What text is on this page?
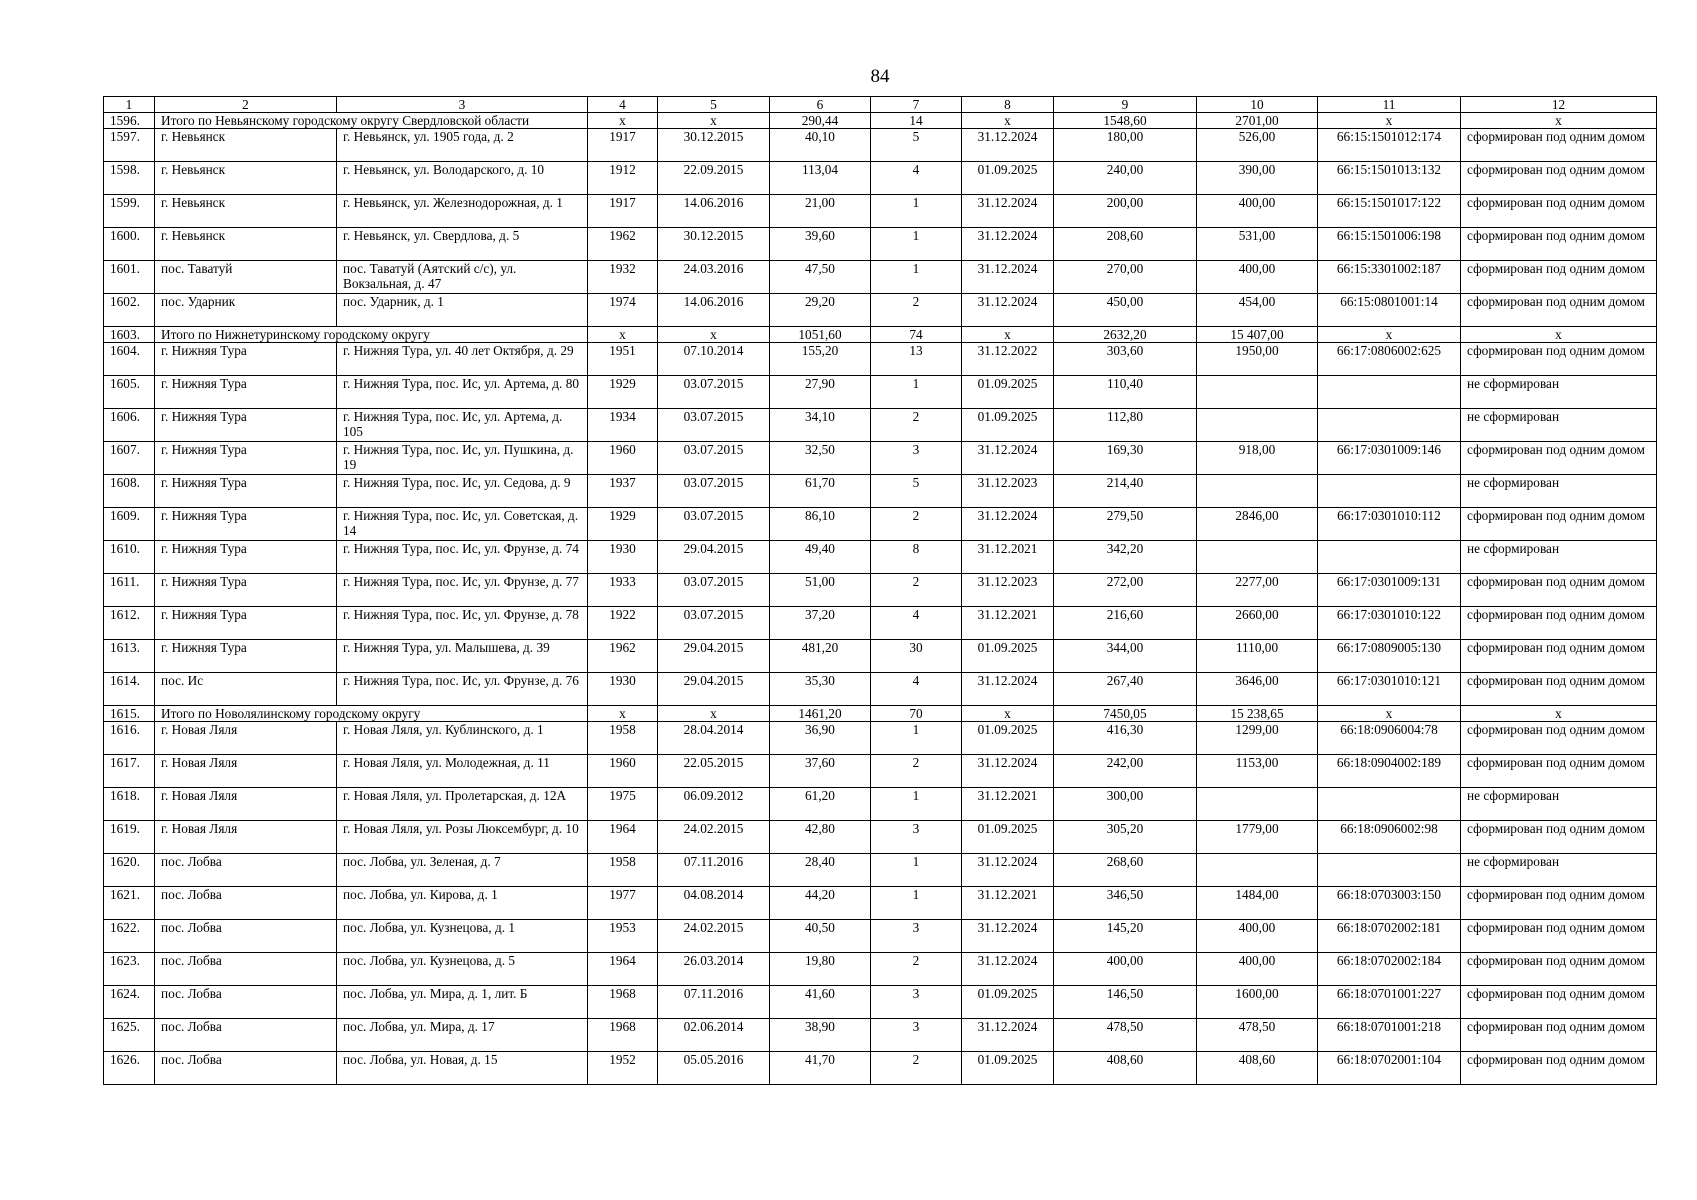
84
1	2	3	4	5	6	7	8	9	10	11	12
1596.	Итого по Невьянскому городскому округу Свердловской области		х	х	290,44	14	х	1548,60	2701,00	х	х
1597.	г. Невьянск	г. Невьянск, ул. 1905 года, д. 2	1917	30.12.2015	40,10	5	31.12.2024	180,00	526,00	66:15:1501012:174	сформирован под одним домом
1598.	г. Невьянск	г. Невьянск, ул. Володарского, д. 10	1912	22.09.2015	113,04	4	01.09.2025	240,00	390,00	66:15:1501013:132	сформирован под одним домом
1599.	г. Невьянск	г. Невьянск, ул. Железнодорожная, д. 1	1917	14.06.2016	21,00	1	31.12.2024	200,00	400,00	66:15:1501017:122	сформирован под одним домом
1600.	г. Невьянск	г. Невьянск, ул. Свердлова, д. 5	1962	30.12.2015	39,60	1	31.12.2024	208,60	531,00	66:15:1501006:198	сформирован под одним домом
1601.	пос. Таватуй	пос. Таватуй (Аятский с/с), ул. Вокзальная, д. 47	1932	24.03.2016	47,50	1	31.12.2024	270,00	400,00	66:15:3301002:187	сформирован под одним домом
1602.	пос. Ударник	пос. Ударник, д. 1	1974	14.06.2016	29,20	2	31.12.2024	450,00	454,00	66:15:0801001:14	сформирован под одним домом
1603.	Итого по Нижнетуринскому городскому округу		х	х	1051,60	74	х	2632,20	15 407,00	х	х
1604.	г. Нижняя Тура	г. Нижняя Тура, ул. 40 лет Октября, д. 29	1951	07.10.2014	155,20	13	31.12.2022	303,60	1950,00	66:17:0806002:625	сформирован под одним домом
1605.	г. Нижняя Тура	г. Нижняя Тура, пос. Ис, ул. Артема, д. 80	1929	03.07.2015	27,90	1	01.09.2025	110,40			не сформирован
1606.	г. Нижняя Тура	г. Нижняя Тура, пос. Ис, ул. Артема, д. 105	1934	03.07.2015	34,10	2	01.09.2025	112,80			не сформирован
1607.	г. Нижняя Тура	г. Нижняя Тура, пос. Ис, ул. Пушкина, д. 19	1960	03.07.2015	32,50	3	31.12.2024	169,30	918,00	66:17:0301009:146	сформирован под одним домом
1608.	г. Нижняя Тура	г. Нижняя Тура, пос. Ис, ул. Седова, д. 9	1937	03.07.2015	61,70	5	31.12.2023	214,40			не сформирован
1609.	г. Нижняя Тура	г. Нижняя Тура, пос. Ис, ул. Советская, д. 14	1929	03.07.2015	86,10	2	31.12.2024	279,50	2846,00	66:17:0301010:112	сформирован под одним домом
1610.	г. Нижняя Тура	г. Нижняя Тура, пос. Ис, ул. Фрунзе, д. 74	1930	29.04.2015	49,40	8	31.12.2021	342,20			не сформирован
1611.	г. Нижняя Тура	г. Нижняя Тура, пос. Ис, ул. Фрунзе, д. 77	1933	03.07.2015	51,00	2	31.12.2023	272,00	2277,00	66:17:0301009:131	сформирован под одним домом
1612.	г. Нижняя Тура	г. Нижняя Тура, пос. Ис, ул. Фрунзе, д. 78	1922	03.07.2015	37,20	4	31.12.2021	216,60	2660,00	66:17:0301010:122	сформирован под одним домом
1613.	г. Нижняя Тура	г. Нижняя Тура, ул. Малышева, д. 39	1962	29.04.2015	481,20	30	01.09.2025	344,00	1110,00	66:17:0809005:130	сформирован под одним домом
1614.	пос. Ис	г. Нижняя Тура, пос. Ис, ул. Фрунзе, д. 76	1930	29.04.2015	35,30	4	31.12.2024	267,40	3646,00	66:17:0301010:121	сформирован под одним домом
1615.	Итого по Новолялинскому городскому округу		х	х	1461,20	70	х	7450,05	15 238,65	х	х
1616.	г. Новая Ляля	г. Новая Ляля, ул. Кублинского, д. 1	1958	28.04.2014	36,90	1	01.09.2025	416,30	1299,00	66:18:0906004:78	сформирован под одним домом
1617.	г. Новая Ляля	г. Новая Ляля, ул. Молодежная, д. 11	1960	22.05.2015	37,60	2	31.12.2024	242,00	1153,00	66:18:0904002:189	сформирован под одним домом
1618.	г. Новая Ляля	г. Новая Ляля, ул. Пролетарская, д. 12А	1975	06.09.2012	61,20	1	31.12.2021	300,00			не сформирован
1619.	г. Новая Ляля	г. Новая Ляля, ул. Розы Люксембург, д. 10	1964	24.02.2015	42,80	3	01.09.2025	305,20	1779,00	66:18:0906002:98	сформирован под одним домом
1620.	пос. Лобва	пос. Лобва, ул. Зеленая, д. 7	1958	07.11.2016	28,40	1	31.12.2024	268,60			не сформирован
1621.	пос. Лобва	пос. Лобва, ул. Кирова, д. 1	1977	04.08.2014	44,20	1	31.12.2021	346,50	1484,00	66:18:0703003:150	сформирован под одним домом
1622.	пос. Лобва	пос. Лобва, ул. Кузнецова, д. 1	1953	24.02.2015	40,50	3	31.12.2024	145,20	400,00	66:18:0702002:181	сформирован под одним домом
1623.	пос. Лобва	пос. Лобва, ул. Кузнецова, д. 5	1964	26.03.2014	19,80	2	31.12.2024	400,00	400,00	66:18:0702002:184	сформирован под одним домом
1624.	пос. Лобва	пос. Лобва, ул. Мира, д. 1, лит. Б	1968	07.11.2016	41,60	3	01.09.2025	146,50	1600,00	66:18:0701001:227	сформирован под одним домом
1625.	пос. Лобва	пос. Лобва, ул. Мира, д. 17	1968	02.06.2014	38,90	3	31.12.2024	478,50	478,50	66:18:0701001:218	сформирован под одним домом
1626.	пос. Лобва	пос. Лобва, ул. Новая, д. 15	1952	05.05.2016	41,70	2	01.09.2025	408,60	408,60	66:18:0702001:104	сформирован под одним домом
